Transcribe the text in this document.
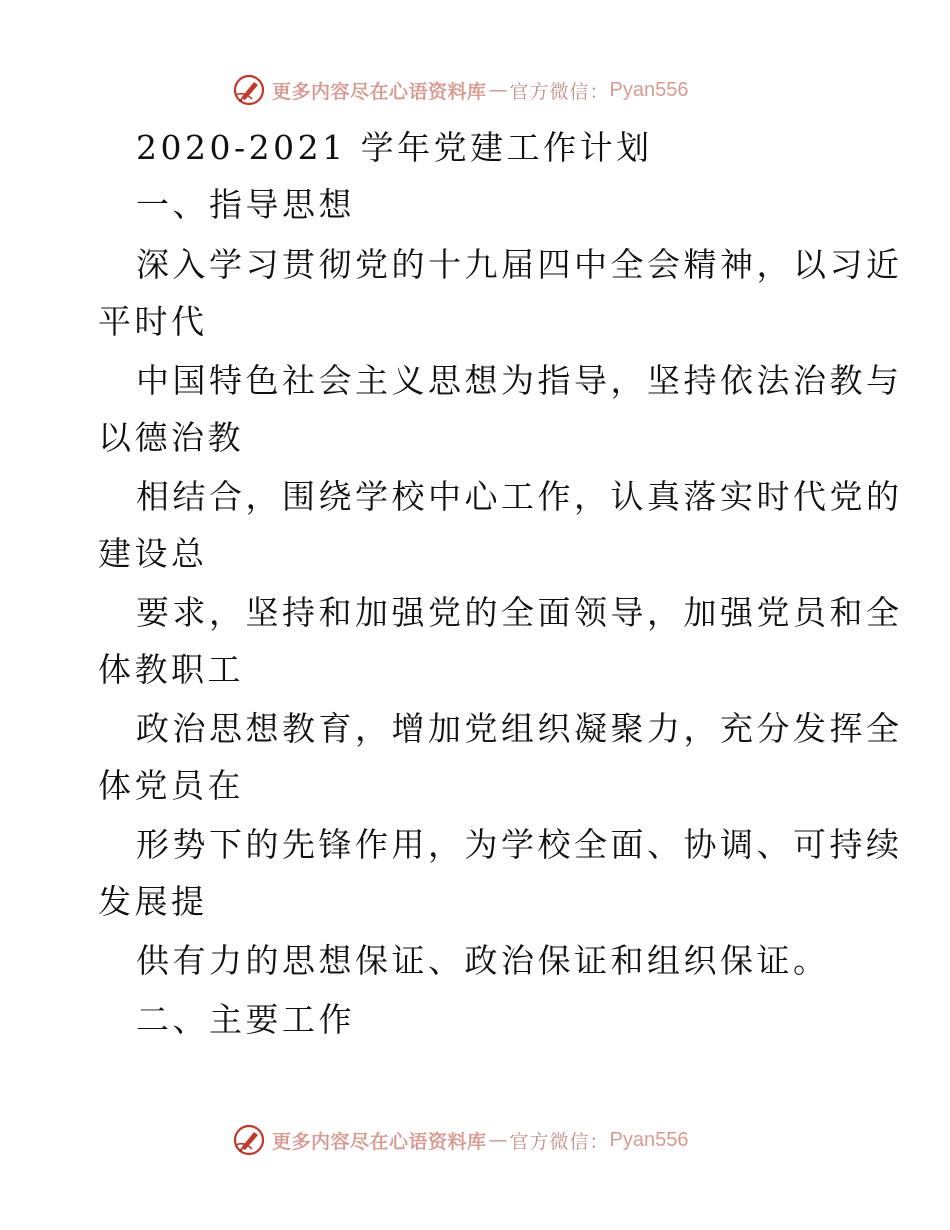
更多内容尽在心语资料库 — 官方微信： Pyan556
2020-2021 学年党建工作计划
一、指导思想
深入学习贯彻党的十九届四中全会精神，以习近
平时代
中国特色社会主义思想为指导，坚持依法治教与
以德治教
相结合，围绕学校中心工作，认真落实时代党的
建设总
要求，坚持和加强党的全面领导，加强党员和全
体教职工
政治思想教育，增加党组织凝聚力，充分发挥全
体党员在
形势下的先锋作用，为学校全面、协调、可持续
发展提
供有力的思想保证、政治保证和组织保证。
二、主要工作
更多内容尽在心语资料库 — 官方微信： Pyan556
